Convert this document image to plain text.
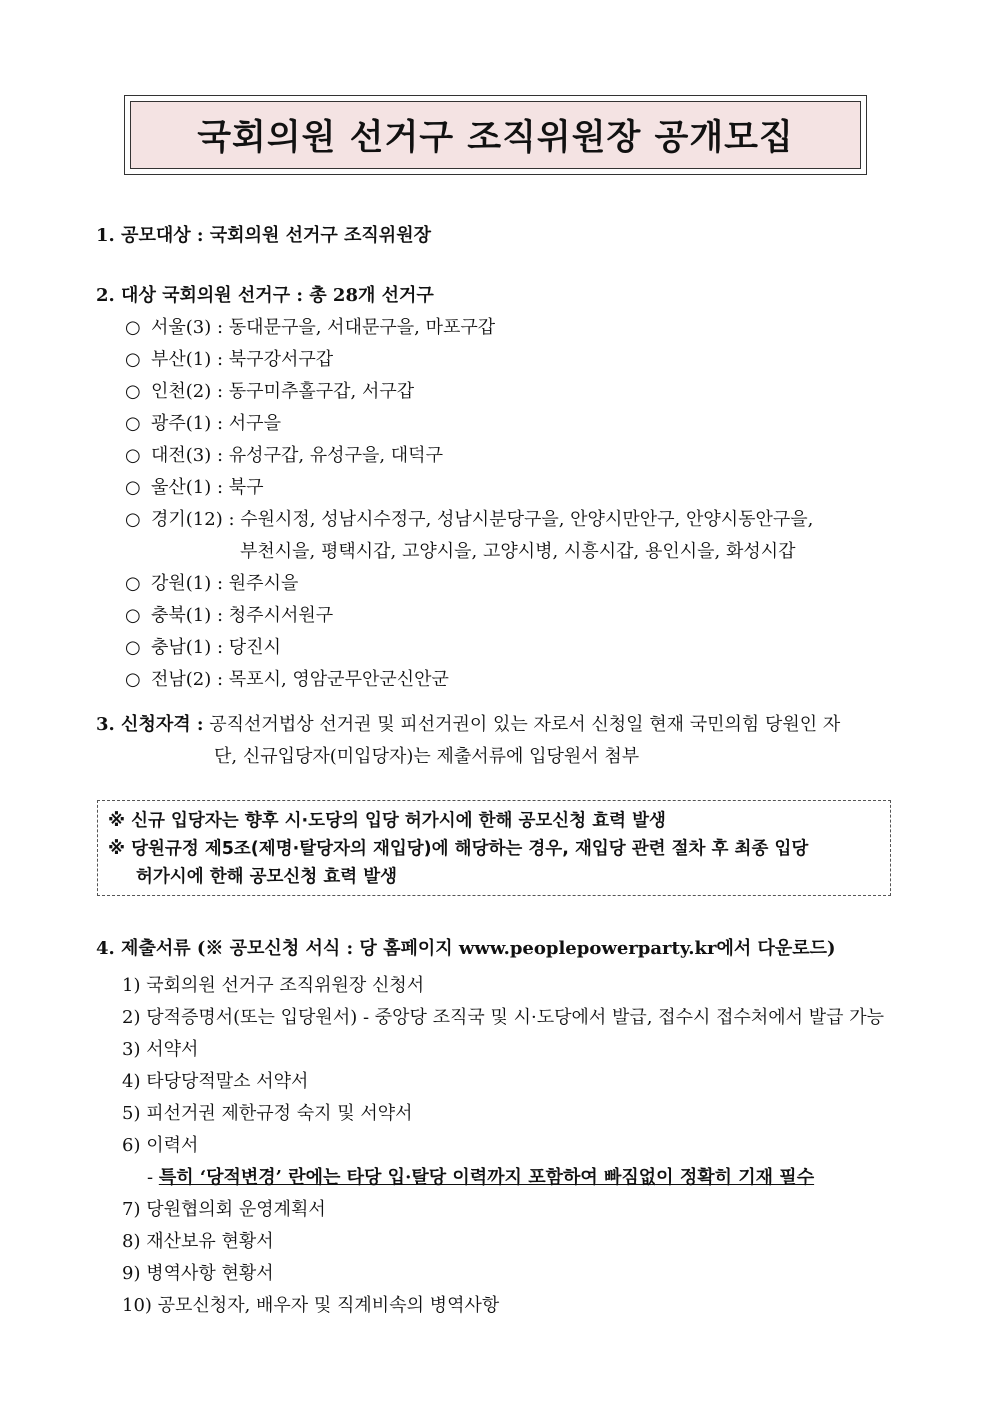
국회의원 선거구 조직위원장 공개모집
1. 공모대상 : 국회의원 선거구 조직위원장
2. 대상 국회의원 선거구 : 총 28개 선거구
○ 서울(3) : 동대문구을, 서대문구을, 마포구갑
○ 부산(1) : 북구강서구갑
○ 인천(2) : 동구미추홀구갑, 서구갑
○ 광주(1) : 서구을
○ 대전(3) : 유성구갑, 유성구을, 대덕구
○ 울산(1) : 북구
○ 경기(12) : 수원시정, 성남시수정구, 성남시분당구을, 안양시만안구, 안양시동안구을,
부천시을, 평택시갑, 고양시을, 고양시병, 시흥시갑, 용인시을, 화성시갑
○ 강원(1) : 원주시을
○ 충북(1) : 청주시서원구
○ 충남(1) : 당진시
○ 전남(2) : 목포시, 영암군무안군신안군
3. 신청자격 : 공직선거법상 선거권 및 피선거권이 있는 자로서 신청일 현재 국민의힘 당원인 자
단, 신규입당자(미입당자)는 제출서류에 입당원서 첨부
※ 신규 입당자는 향후 시·도당의 입당 허가시에 한해 공모신청 효력 발생
※ 당원규정 제5조(제명·탈당자의 재입당)에 해당하는 경우, 재입당 관련 절차 후 최종 입당
허가시에 한해 공모신청 효력 발생
4. 제출서류 (※ 공모신청 서식 : 당 홈페이지 www.peoplepowerparty.kr에서 다운로드)
1) 국회의원 선거구 조직위원장 신청서
2) 당적증명서(또는 입당원서) - 중앙당 조직국 및 시·도당에서 발급, 접수시 접수처에서 발급 가능
3) 서약서
4) 타당당적말소 서약서
5) 피선거권 제한규정 숙지 및 서약서
6) 이력서
- 특히 ‘당적변경’ 란에는 타당 입·탈당 이력까지 포함하여 빠짐없이 정확히 기재 필수
7) 당원협의회 운영계획서
8) 재산보유 현황서
9) 병역사항 현황서
10) 공모신청자, 배우자 및 직계비속의 병역사항
